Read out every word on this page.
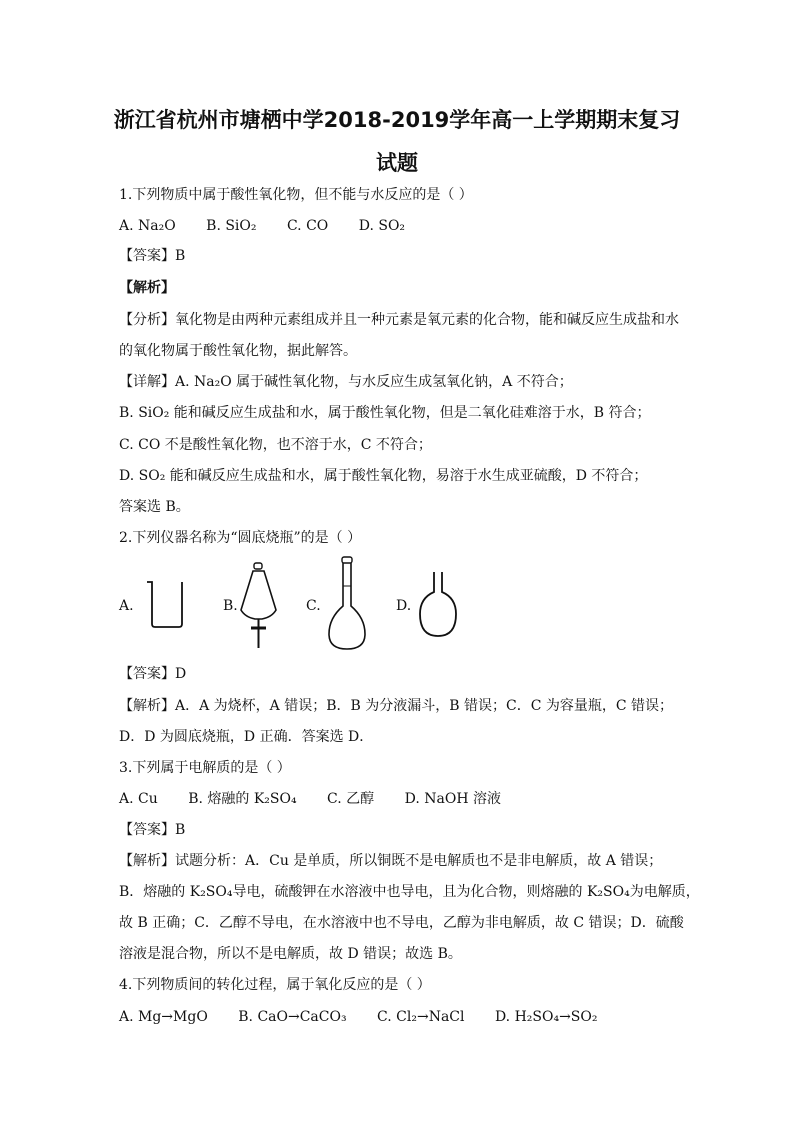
浙江省杭州市塘栖中学2018-2019学年高一上学期期末复习
试题
1.下列物质中属于酸性氧化物，但不能与水反应的是（ ）
A. Na₂O B. SiO₂ C. CO D. SO₂
【答案】B
【解析】
【分析】氧化物是由两种元素组成并且一种元素是氧元素的化合物，能和碱反应生成盐和水
的氧化物属于酸性氧化物，据此解答。
【详解】A. Na₂O 属于碱性氧化物，与水反应生成氢氧化钠，A 不符合；
B. SiO₂ 能和碱反应生成盐和水，属于酸性氧化物，但是二氧化硅难溶于水，B 符合；
C. CO 不是酸性氧化物，也不溶于水，C 不符合；
D. SO₂ 能和碱反应生成盐和水，属于酸性氧化物，易溶于水生成亚硫酸，D 不符合；
答案选 B。
2.下列仪器名称为“圆底烧瓶”的是（ ）
A.	B.	C.	D.
【答案】D
【解析】A．A 为烧杯，A 错误；B．B 为分液漏斗，B 错误；C．C 为容量瓶，C 错误；
D．D 为圆底烧瓶，D 正确．答案选 D．
3.下列属于电解质的是（ ）
A. Cu B. 熔融的 K₂SO₄ C. 乙醇 D. NaOH 溶液
【答案】B
【解析】试题分析：A．Cu 是单质，所以铜既不是电解质也不是非电解质，故 A 错误；
B．熔融的 K₂SO₄导电，硫酸钾在水溶液中也导电，且为化合物，则熔融的 K₂SO₄为电解质，
故 B 正确；C．乙醇不导电，在水溶液中也不导电，乙醇为非电解质，故 C 错误；D．硫酸
溶液是混合物，所以不是电解质，故 D 错误；故选 B。
4.下列物质间的转化过程，属于氧化反应的是（ ）
A. Mg→MgO B. CaO→CaCO₃ C. Cl₂→NaCl D. H₂SO₄→SO₂
